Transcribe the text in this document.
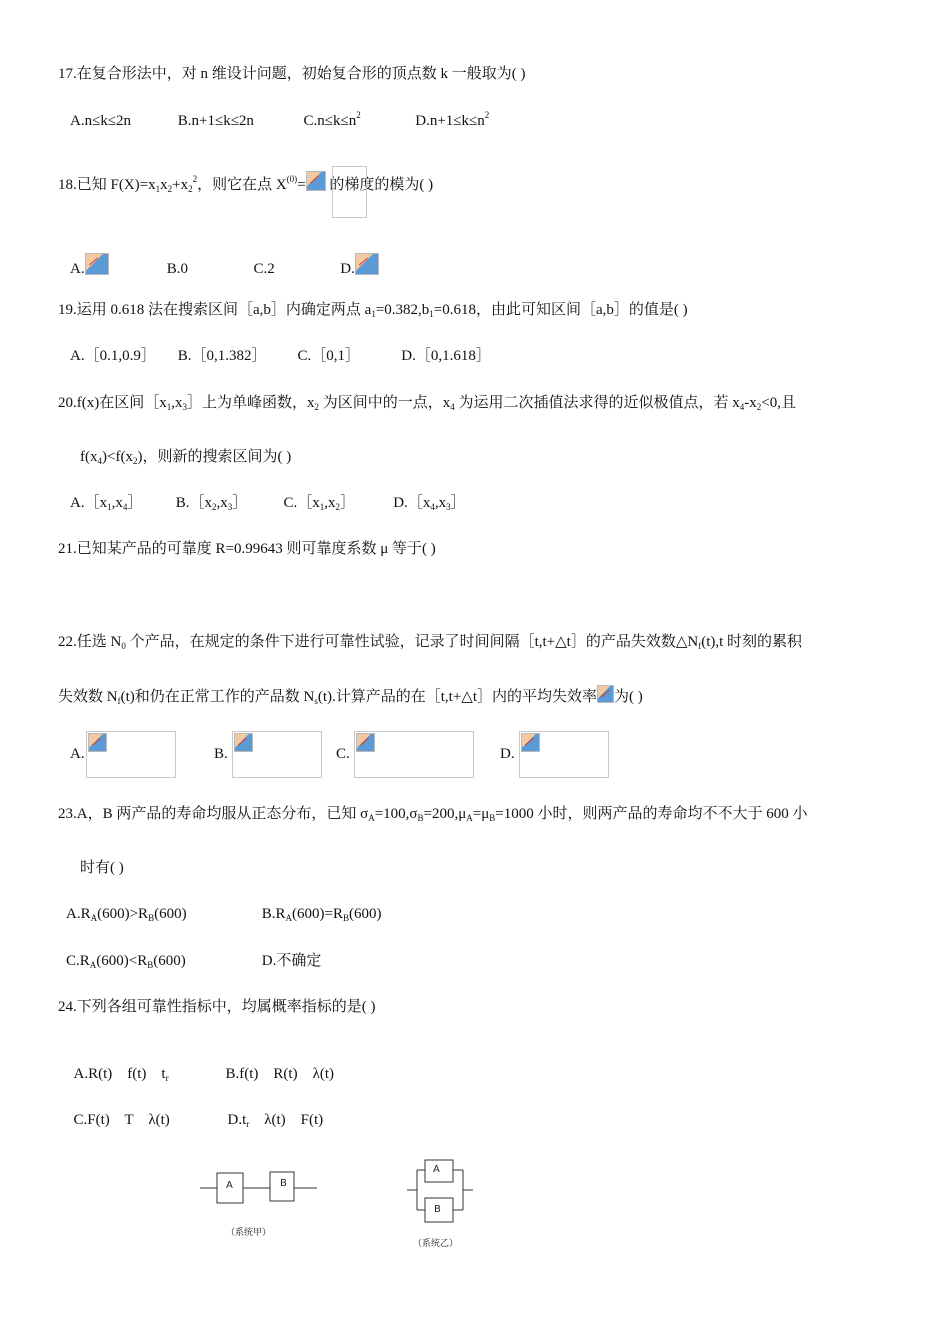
17.在复合形法中，对 n 维设计问题，初始复合形的顶点数 k 一般取为( )
A.n≤k≤2n	B.n+1≤k≤2n	$C.n\le k\le n^2$	$D.n+1\le k\le n^2$
18.已知 $F(X)=x_1x_2+x_2^2$，则它在点 $X^{(0)}=$ 的梯度的模为( )
A.	B.0	C.2	D.
19.运用 0.618 法在搜索区间［a,b］内确定两点 $a_1=0.382,b_1=0.618$，由此可知区间［a,b］的值是( )
A.［0.1,0.9］ B.［0,1.382］ C.［0,1］	D.［0,1.618］
20.f(x)在区间$[x_1,x_3]$上为单峰函数，$x_2$ 为区间中的一点，$x_4$ 为运用二次插值法求得的近似极值点，若 $x_4-x_2<0$,且
$f(x_4)<f(x_2)$，则新的搜索区间为( )
$A.[x_1,x_4]$ $B.[x_2,x_3]$ $C.[x_1,x_2]$	$D.[x_4,x_3]$
21.已知某产品的可靠度 R=0.99643 则可靠度系数 μ 等于( )
22.任选 $N_0$ 个产品，在规定的条件下进行可靠性试验，记录了时间间隔［t,t+△t］的产品失效数$\triangle N_f(t),t$ 时刻的累积
失效数 $N_f(t)$和仍在正常工作的产品数 $N_s(t)$.计算产品的在［t,t+△t］内的平均失效率 为( )
A.	B.	C.	D.
23.A，B 两产品的寿命均服从正态分布，已知 $\sigma_A=100,\sigma_B=200,\mu_A=\mu_B=1000$ 小时，则两产品的寿命均不不大于 600 小
时有( )
$A.R_A(600)>R_B(600)$	$B.R_A(600)=R_B(600)$
$C.R_A(600)<R_B(600)$	D.不确定
24.下列各组可靠性指标中，均属概率指标的是( )

A.R(t)    f(t)    $t_r$	B.f(t)    R(t)    λ(t)

C.F(t)    T    λ(t)	$D.t_r$    λ(t)    F(t)

A	B
（系统甲）
A
B
（系统乙）
